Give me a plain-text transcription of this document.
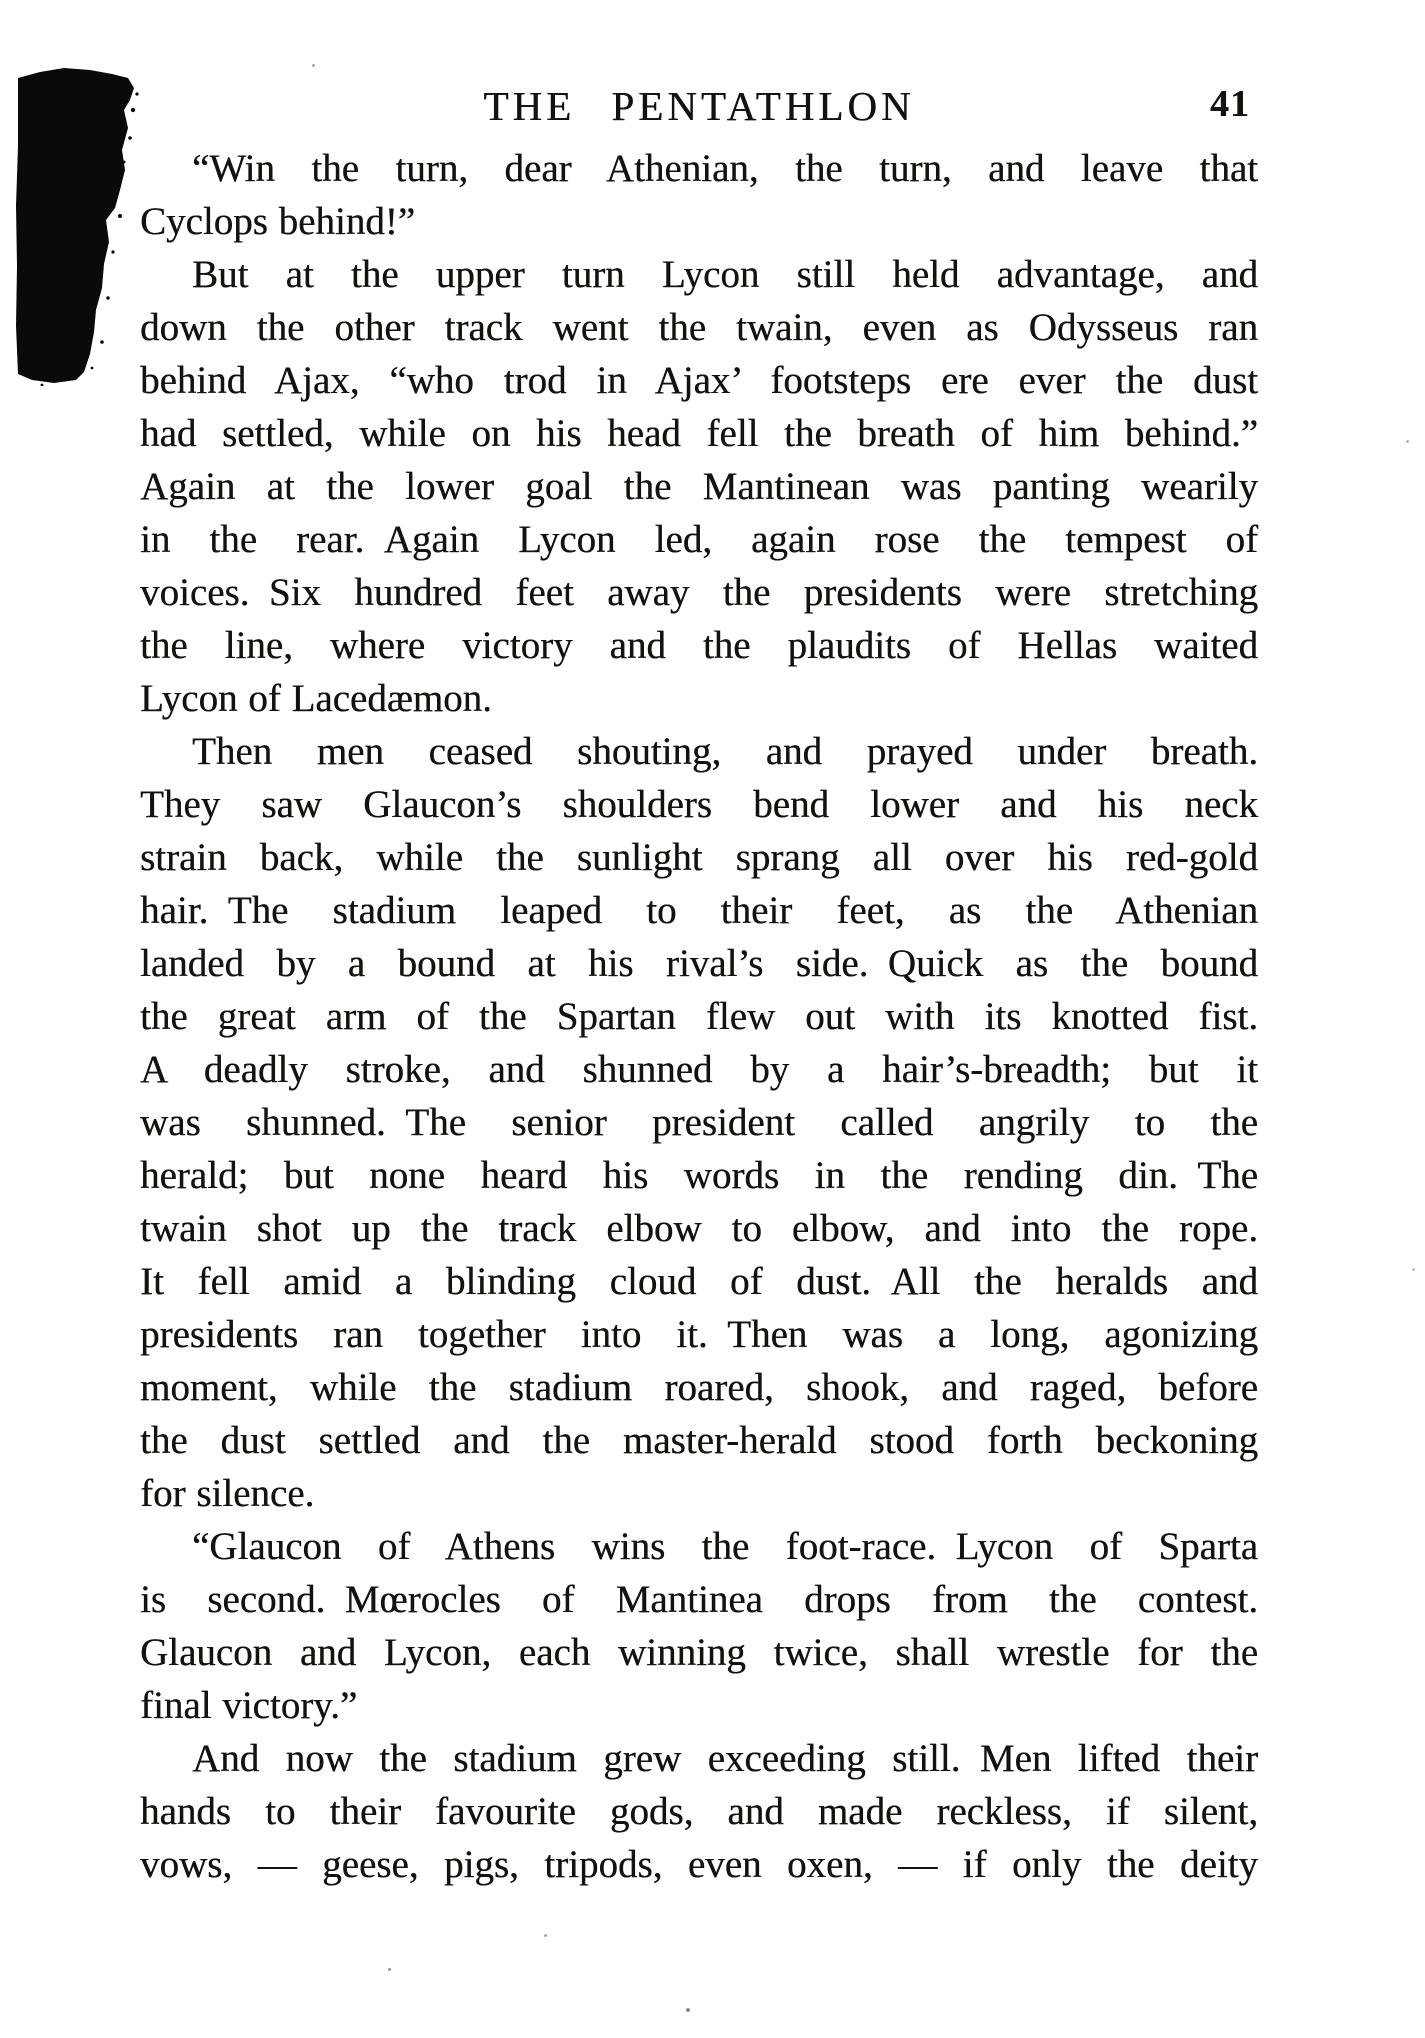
THE PENTATHLON	41

“Win the turn, dear Athenian, the turn, and leave that
Cyclops behind!”

But at the upper turn Lycon still held advantage, and
down the other track went the twain, even as Odysseus ran
behind Ajax, “who trod in Ajax’ footsteps ere ever the dust
had settled, while on his head fell the breath of him behind.”
Again at the lower goal the Mantinean was panting wearily
in the rear. Again Lycon led, again rose the tempest of
voices. Six hundred feet away the presidents were stretching
the line, where victory and the plaudits of Hellas waited
Lycon of Lacedæmon.

Then men ceased shouting, and prayed under breath.
They saw Glaucon’s shoulders bend lower and his neck
strain back, while the sunlight sprang all over his red-gold
hair. The stadium leaped to their feet, as the Athenian
landed by a bound at his rival’s side. Quick as the bound
the great arm of the Spartan flew out with its knotted fist.
A deadly stroke, and shunned by a hair’s-breadth; but it
was shunned. The senior president called angrily to the
herald; but none heard his words in the rending din. The
twain shot up the track elbow to elbow, and into the rope.
It fell amid a blinding cloud of dust. All the heralds and
presidents ran together into it. Then was a long, agonizing
moment, while the stadium roared, shook, and raged, before
the dust settled and the master-herald stood forth beckoning
for silence.

“Glaucon of Athens wins the foot-race. Lycon of Sparta
is second. Mœrocles of Mantinea drops from the contest.
Glaucon and Lycon, each winning twice, shall wrestle for the
final victory.”

And now the stadium grew exceeding still. Men lifted their
hands to their favourite gods, and made reckless, if silent,
vows, — geese, pigs, tripods, even oxen, — if only the deity
